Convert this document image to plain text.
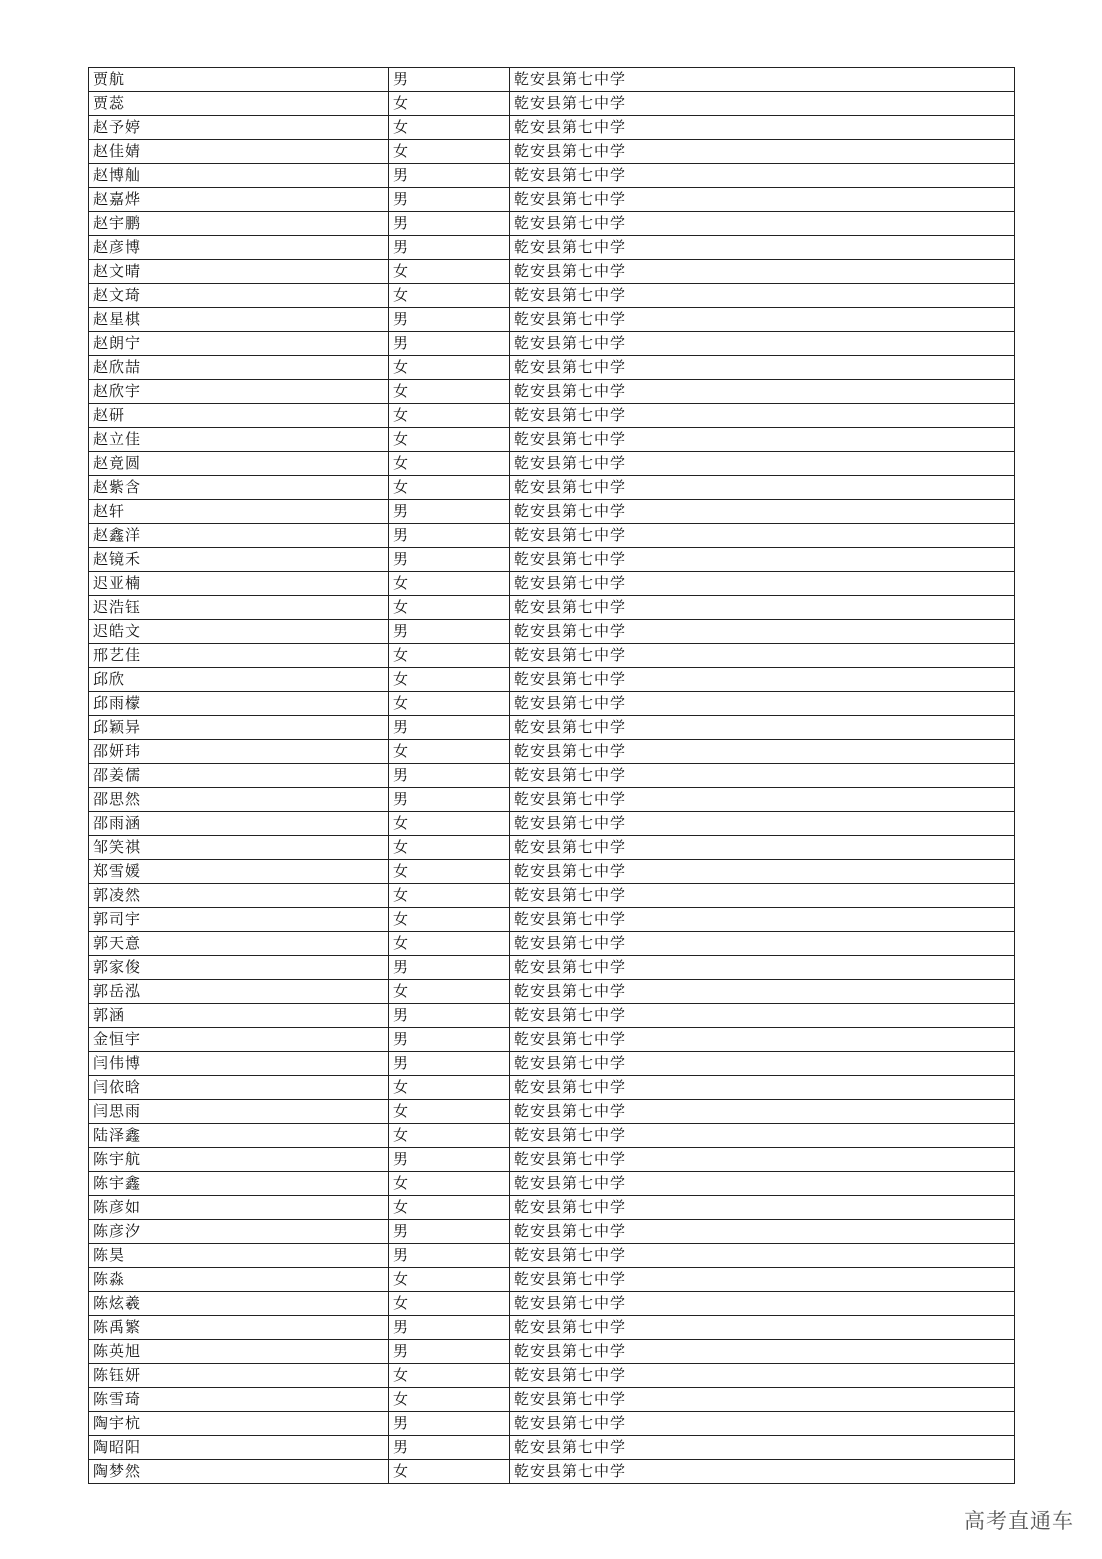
贾航	男	乾安县第七中学
贾蕊	女	乾安县第七中学
赵予婷	女	乾安县第七中学
赵佳婧	女	乾安县第七中学
赵博舢	男	乾安县第七中学
赵嘉烨	男	乾安县第七中学
赵宇鹏	男	乾安县第七中学
赵彦博	男	乾安县第七中学
赵文晴	女	乾安县第七中学
赵文琦	女	乾安县第七中学
赵星棋	男	乾安县第七中学
赵朗宁	男	乾安县第七中学
赵欣喆	女	乾安县第七中学
赵欣宇	女	乾安县第七中学
赵研	女	乾安县第七中学
赵立佳	女	乾安县第七中学
赵竟圆	女	乾安县第七中学
赵紫含	女	乾安县第七中学
赵轩	男	乾安县第七中学
赵鑫洋	男	乾安县第七中学
赵镜禾	男	乾安县第七中学
迟亚楠	女	乾安县第七中学
迟浩钰	女	乾安县第七中学
迟皓文	男	乾安县第七中学
邢艺佳	女	乾安县第七中学
邱欣	女	乾安县第七中学
邱雨檬	女	乾安县第七中学
邱颖异	男	乾安县第七中学
邵妍玮	女	乾安县第七中学
邵姜儒	男	乾安县第七中学
邵思然	男	乾安县第七中学
邵雨涵	女	乾安县第七中学
邹笑祺	女	乾安县第七中学
郑雪媛	女	乾安县第七中学
郭凌然	女	乾安县第七中学
郭司宇	女	乾安县第七中学
郭天意	女	乾安县第七中学
郭家俊	男	乾安县第七中学
郭岳泓	女	乾安县第七中学
郭涵	男	乾安县第七中学
金恒宇	男	乾安县第七中学
闫伟博	男	乾安县第七中学
闫依晗	女	乾安县第七中学
闫思雨	女	乾安县第七中学
陆泽鑫	女	乾安县第七中学
陈宇航	男	乾安县第七中学
陈宇鑫	女	乾安县第七中学
陈彦如	女	乾安县第七中学
陈彦汐	男	乾安县第七中学
陈昊	男	乾安县第七中学
陈淼	女	乾安县第七中学
陈炫羲	女	乾安县第七中学
陈禹繁	男	乾安县第七中学
陈英旭	男	乾安县第七中学
陈钰妍	女	乾安县第七中学
陈雪琦	女	乾安县第七中学
陶宇杭	男	乾安县第七中学
陶昭阳	男	乾安县第七中学
陶梦然	女	乾安县第七中学
高考直通车
